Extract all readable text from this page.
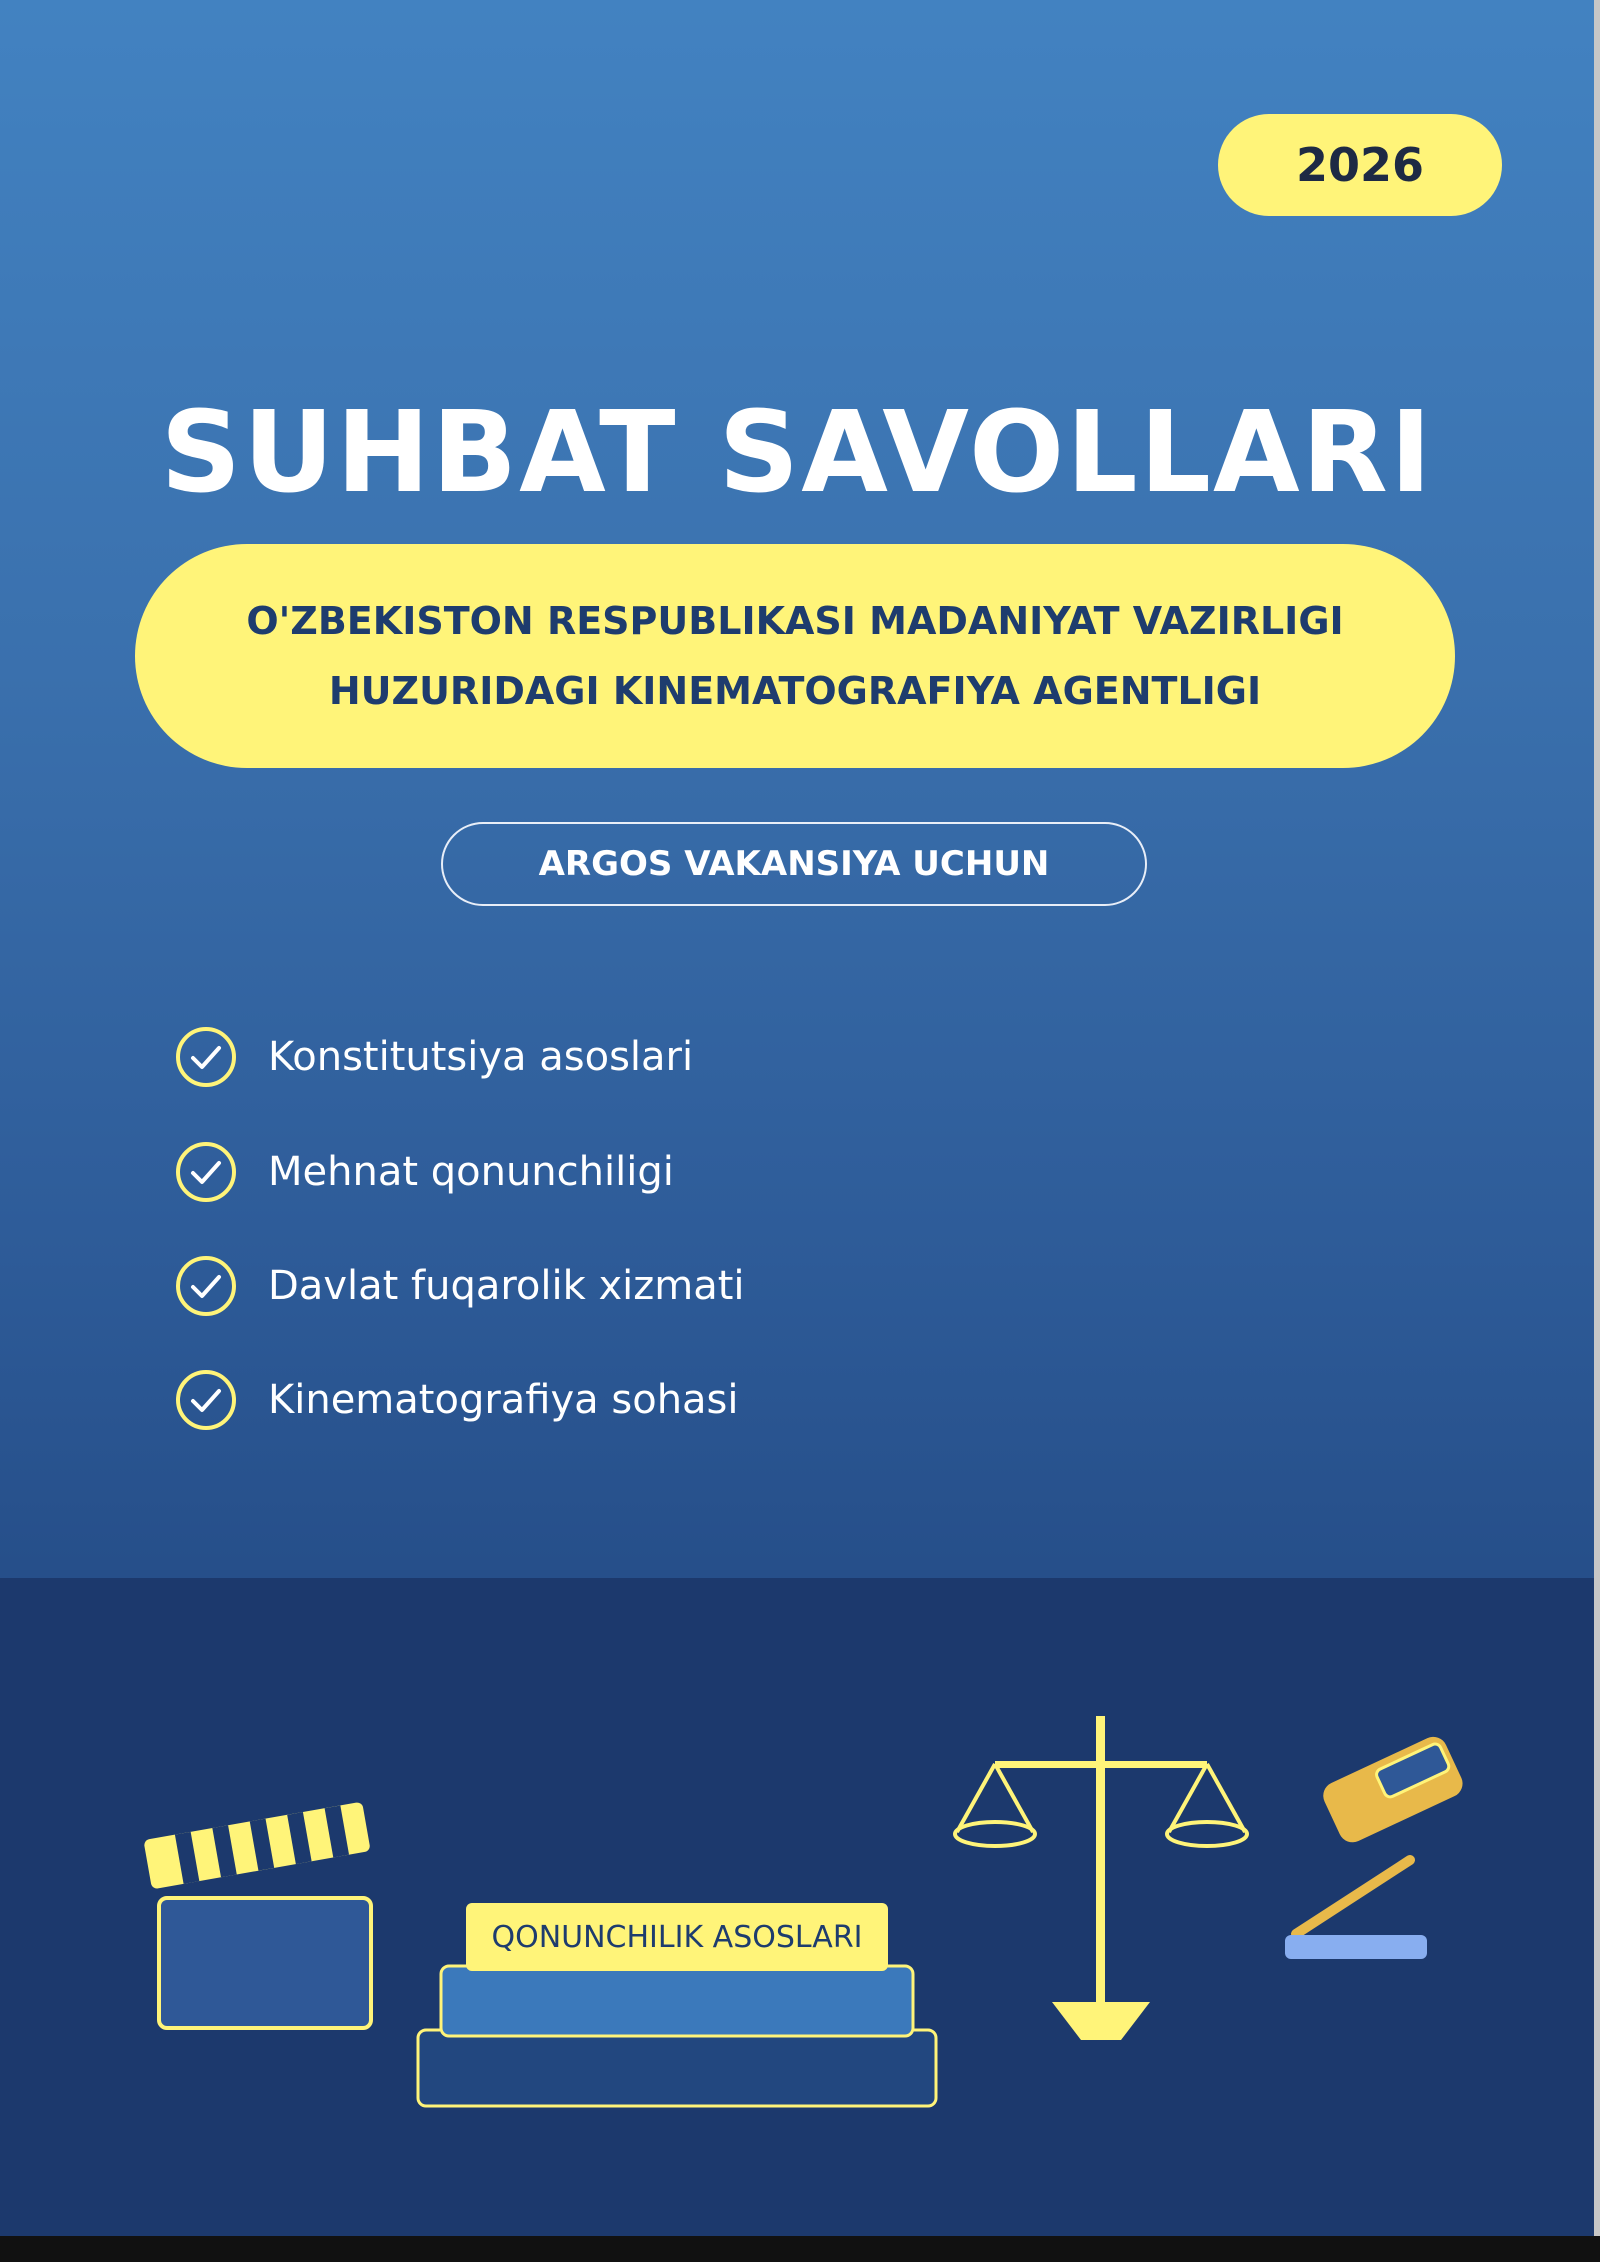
2026
SUHBAT SAVOLLARI
O'ZBEKISTON RESPUBLIKASI MADANIYAT VAZIRLIGI
HUZURIDAGI KINEMATOGRAFIYA AGENTLIGI
ARGOS VAKANSIYA UCHUN
Konstitutsiya asoslari
Mehnat qonunchiligi
Davlat fuqarolik xizmati
Kinematografiya sohasi
QONUNCHILIK ASOSLARI
